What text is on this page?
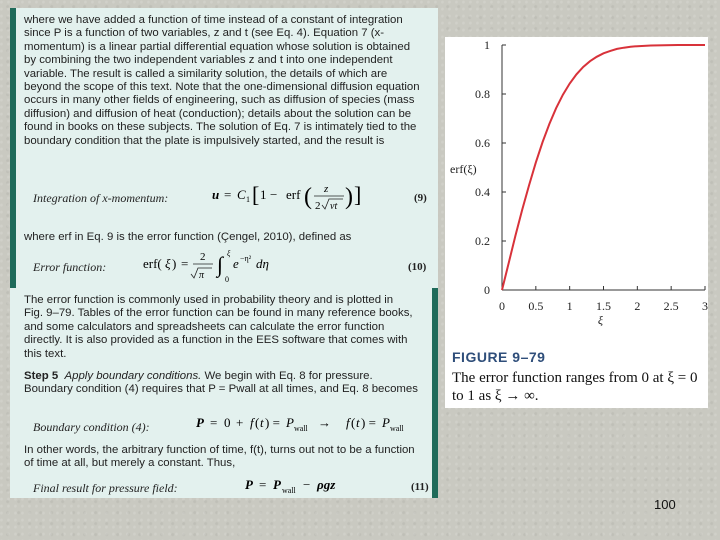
where we have added a function of time instead of a constant of integration since P is a function of two variables, z and t (see Eq. 4). Equation 7 (x-momentum) is a linear partial differential equation whose solution is obtained by combining the two independent variables z and t into one independent variable. The result is called a similarity solution, the details of which are beyond the scope of this text. Note that the one-dimensional diffusion equation occurs in many other fields of engineering, such as diffusion of species (mass diffusion) and diffusion of heat (conduction); details about the solution can be found in books on these subjects. The solution of Eq. 7 is intimately tied to the boundary condition that the plate is impulsively started, and the result is
Integration of x-momentum:	u = C 1 [ 1 − erf ( z
2 νt ) ]	(9)
where erf in Eq. 9 is the error function (Çengel, 2010), defined as
Error function:	erf( ξ ) = 2
π ∫ ξ
0
e −η² dη	(10)
The error function is commonly used in probability theory and is plotted in Fig. 9–79. Tables of the error function can be found in many reference books, and some calculators and spreadsheets can calculate the error function directly. It is also provided as a function in the EES software that comes with this text.
Step 5 Apply boundary conditions. We begin with Eq. 8 for pressure. Boundary condition (4) requires that P = Pwall at all times, and Eq. 8 becomes
Boundary condition (4):	P = 0 + f ( t ) = P wall → f ( t ) = P wall
In other words, the arbitrary function of time, f(t), turns out not to be a function of time at all, but merely a constant. Thus,
Final result for pressure field:	P = P wall − ρgz	(11)
0
0.2
0.4
0.6
0.8
1
0 0.5 1 1.5 2 2.5 3
erf(ξ)
ξ
FIGURE 9–79
The error function ranges from 0 at ξ = 0 to 1 as ξ → ∞.
100
